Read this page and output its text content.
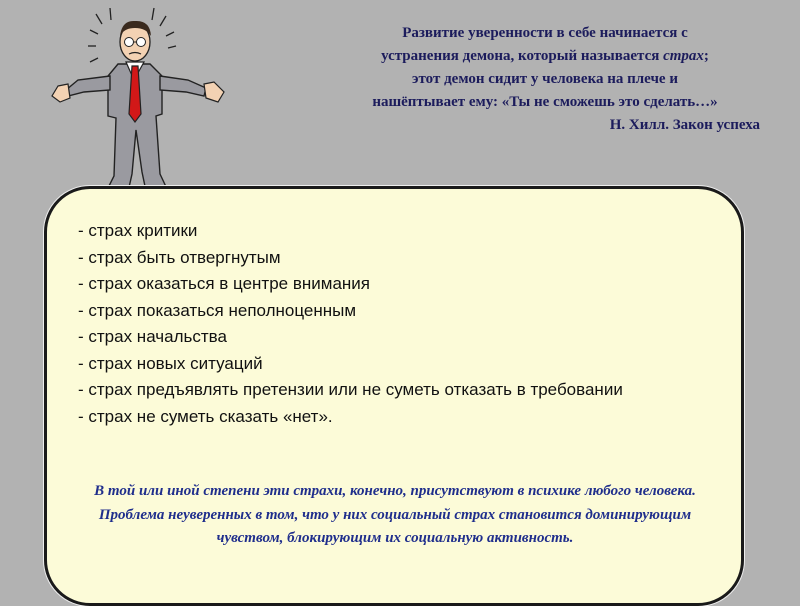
Развитие уверенности в себе начинается с
устранения демона, который называется страх;
этот демон сидит у человека на плече и
нашёптывает ему: «Ты не сможешь это сделать…»
Н. Хилл. Закон успеха
- страх критики
- страх быть отвергнутым
- страх оказаться в центре внимания
- страх показаться неполноценным
- страх начальства
- страх новых ситуаций
- страх предъявлять претензии или не суметь отказать в требовании
- страх не суметь сказать «нет».
В той или иной степени эти страхи, конечно, присутствуют в психике любого человека. Проблема неуверенных в том, что у них социальный страх становится доминирующим чувством, блокирующим их социальную активность.
